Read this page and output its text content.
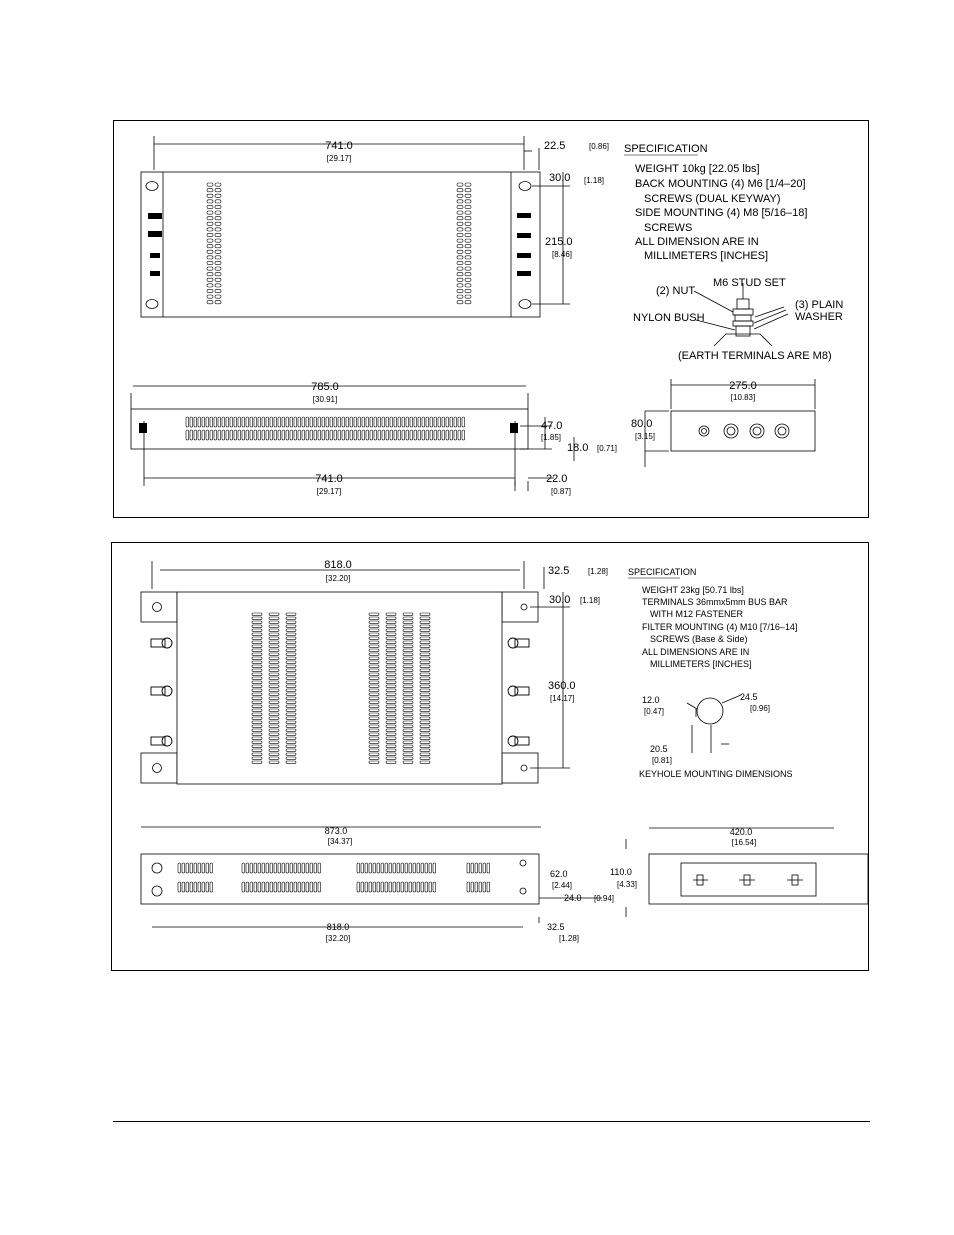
741.0
[29.17]
22.5	[0.86]
30.0 [1.18]
215.0
[8.46]
SPECIFICATION
WEIGHT 10kg [22.05 lbs]
BACK MOUNTING (4) M6 [1/4–20]
SCREWS (DUAL KEYWAY)
SIDE MOUNTING (4) M8 [5/16–18]
SCREWS
ALL DIMENSION ARE IN
MILLIMETERS [INCHES]
M6 STUD SET
(2) NUT
(3) PLAIN
WASHER
NYLON BUSH
(EARTH TERMINALS ARE M8)
785.0
[30.91]
47.0
[1.85]
18.0 [0.71]
741.0
[29.17]
22.0
[0.87]
275.0
[10.83]
80.0
[3.15]
818.0
[32.20]
32.5 [1.28]
30.0 [1.18]
360.0
[14.17]
SPECIFICATION
WEIGHT 23kg [50.71 lbs]
TERMINALS 36mmx5mm BUS BAR
WITH M12 FASTENER
FILTER MOUNTING (4) M10 [7/16–14]
SCREWS (Base & Side)
ALL DIMENSIONS ARE IN
MILLIMETERS [INCHES]
12.0
[0.47]
24.5
[0.96]
20.5
[0.81]
KEYHOLE MOUNTING DIMENSIONS
873.0
[34.37]
62.0
[2.44]
24.0 [0.94]
818.0
[32.20]
32.5
[1.28]
420.0
[16.54]
110.0
[4.33]
